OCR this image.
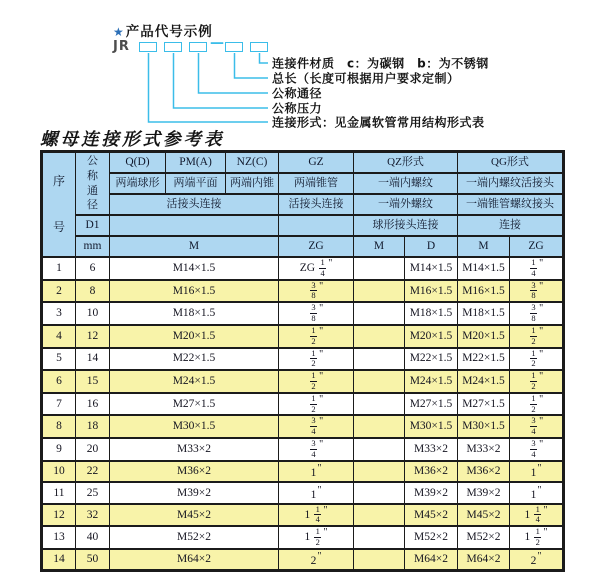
★产品代号示例
JR	—
连接件材质　c：为碳钢　b：为不锈钢
总长（长度可根据用户要求定制）
公称通径
公称压力
连接形式：见金属软管常用结构形式表
螺母连接形式参考表
序号	公称通径	Q(D)	PM(A)	NZ(C)	GZ	QZ形式		QG形式	
		两端球形	两端平面	两端内锥	两端锥管	一端内螺纹		一端内螺纹活接头	
		活接头连接			活接头连接	一端外螺纹		一端锥管螺纹接头	
	D1					球形接头连接		连接	
	mm	M			ZG	M	D	M	ZG
1	6	M14×1.5			ZG $\frac{1}{4}$ "		M14×1.5	M14×1.5	$\frac{1}{4}$ "
2	8	M16×1.5			$\frac{3}{8}$ "		M16×1.5	M16×1.5	$\frac{3}{8}$ "
3	10	M18×1.5			$\frac{3}{8}$ "		M18×1.5	M18×1.5	$\frac{3}{8}$ "
4	12	M20×1.5			$\frac{1}{2}$ "		M20×1.5	M20×1.5	$\frac{1}{2}$ "
5	14	M22×1.5			$\frac{1}{2}$ "		M22×1.5	M22×1.5	$\frac{1}{2}$ "
6	15	M24×1.5			$\frac{1}{2}$ "		M24×1.5	M24×1.5	$\frac{1}{2}$ "
7	16	M27×1.5			$\frac{1}{2}$ "		M27×1.5	M27×1.5	$\frac{1}{2}$ "
8	18	M30×1.5			$\frac{3}{4}$ "		M30×1.5	M30×1.5	$\frac{3}{4}$ "
9	20	M33×2			$\frac{3}{4}$ "		M33×2	M33×2	$\frac{3}{4}$ "
10	22	M36×2			1"		M36×2	M36×2	1"
11	25	M39×2			1"		M39×2	M39×2	1"
12	32	M45×2			$1 \frac{1}{4}$ "		M45×2	M45×2	$1 \frac{1}{4}$ "
13	40	M52×2			$1 \frac{1}{2}$ "		M52×2	M52×2	$1 \frac{1}{2}$ "
14	50	M64×2			2"		M64×2	M64×2	2"
